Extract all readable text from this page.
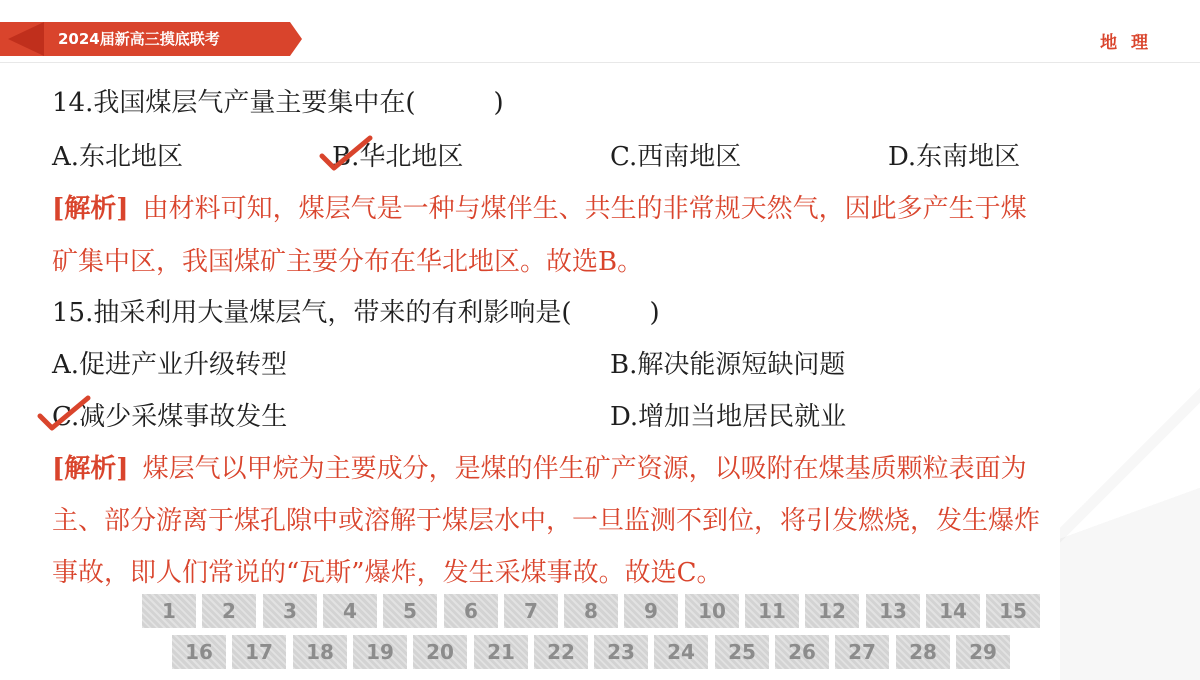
2024届新高三摸底联考	地 理
14.我国煤层气产量主要集中在(　　　)
A.东北地区	B.华北地区	C.西南地区	D.东南地区
[解析] 由材料可知，煤层气是一种与煤伴生、共生的非常规天然气，因此多产生于煤
矿集中区，我国煤矿主要分布在华北地区。故选B。
15.抽采利用大量煤层气，带来的有利影响是(　　　)
A.促进产业升级转型	B.解决能源短缺问题
C.减少采煤事故发生	D.增加当地居民就业
[解析] 煤层气以甲烷为主要成分，是煤的伴生矿产资源，以吸附在煤基质颗粒表面为
主、部分游离于煤孔隙中或溶解于煤层水中，一旦监测不到位，将引发燃烧，发生爆炸
事故，即人们常说的“瓦斯”爆炸，发生采煤事故。故选C。
1	2	3	4	5	6	7	8	9	10	11	12	13	14	15
16	17	18	19	20	21	22	23	24	25	26	27	28	29
